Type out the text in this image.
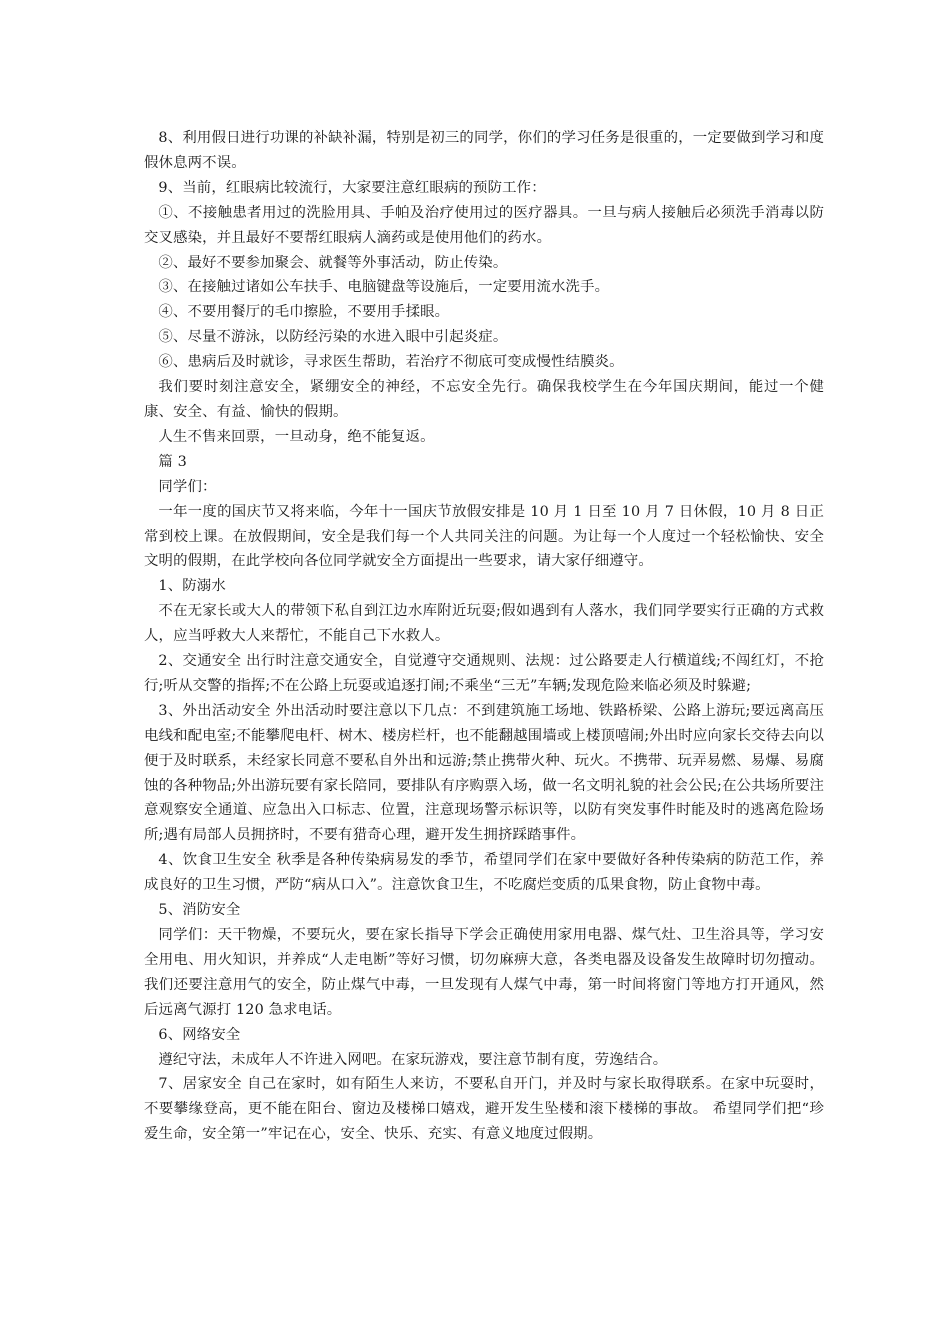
8、利用假日进行功课的补缺补漏，特别是初三的同学，你们的学习任务是很重的，一定要做到学习和度假休息两不误。

9、当前，红眼病比较流行，大家要注意红眼病的预防工作：

①、不接触患者用过的洗脸用具、手帕及治疗使用过的医疗器具。一旦与病人接触后必须洗手消毒以防交叉感染，并且最好不要帮红眼病人滴药或是使用他们的药水。

②、最好不要参加聚会、就餐等外事活动，防止传染。

③、在接触过诸如公车扶手、电脑键盘等设施后，一定要用流水洗手。

④、不要用餐厅的毛巾擦脸，不要用手揉眼。

⑤、尽量不游泳，以防经污染的水进入眼中引起炎症。

⑥、患病后及时就诊，寻求医生帮助，若治疗不彻底可变成慢性结膜炎。

我们要时刻注意安全，紧绷安全的神经，不忘安全先行。确保我校学生在今年国庆期间，能过一个健康、安全、有益、愉快的假期。

人生不售来回票，一旦动身，绝不能复返。

篇 3

同学们：

一年一度的国庆节又将来临，今年十一国庆节放假安排是 10 月 1 日至 10 月 7 日休假，10 月 8 日正常到校上课。在放假期间，安全是我们每一个人共同关注的问题。为让每一个人度过一个轻松愉快、安全文明的假期，在此学校向各位同学就安全方面提出一些要求，请大家仔细遵守。

1、防溺水

不在无家长或大人的带领下私自到江边水库附近玩耍;假如遇到有人落水，我们同学要实行正确的方式救人，应当呼救大人来帮忙，不能自己下水救人。

2、交通安全 出行时注意交通安全，自觉遵守交通规则、法规：过公路要走人行横道线;不闯红灯，不抢行;听从交警的指挥;不在公路上玩耍或追逐打闹;不乘坐“三无”车辆;发现危险来临必须及时躲避;

3、外出活动安全 外出活动时要注意以下几点：不到建筑施工场地、铁路桥梁、公路上游玩;要远离高压电线和配电室;不能攀爬电杆、树木、楼房栏杆，也不能翻越围墙或上楼顶嘻闹;外出时应向家长交待去向以便于及时联系，未经家长同意不要私自外出和远游;禁止携带火种、玩火。不携带、玩弄易燃、易爆、易腐蚀的各种物品;外出游玩要有家长陪同，要排队有序购票入场，做一名文明礼貌的社会公民;在公共场所要注意观察安全通道、应急出入口标志、位置，注意现场警示标识等，以防有突发事件时能及时的逃离危险场所;遇有局部人员拥挤时，不要有猎奇心理，避开发生拥挤踩踏事件。

4、饮食卫生安全 秋季是各种传染病易发的季节，希望同学们在家中要做好各种传染病的防范工作，养成良好的卫生习惯，严防“病从口入”。注意饮食卫生，不吃腐烂变质的瓜果食物，防止食物中毒。

5、消防安全

同学们：天干物燥，不要玩火，要在家长指导下学会正确使用家用电器、煤气灶、卫生浴具等，学习安全用电、用火知识，并养成“人走电断”等好习惯，切勿麻痹大意，各类电器及设备发生故障时切勿擅动。我们还要注意用气的安全，防止煤气中毒，一旦发现有人煤气中毒，第一时间将窗门等地方打开通风，然后远离气源打 120 急求电话。

6、网络安全

遵纪守法，未成年人不许进入网吧。在家玩游戏，要注意节制有度，劳逸结合。

7、居家安全 自己在家时，如有陌生人来访，不要私自开门，并及时与家长取得联系。在家中玩耍时，不要攀缘登高，更不能在阳台、窗边及楼梯口嬉戏，避开发生坠楼和滚下楼梯的事故。 希望同学们把“珍爱生命，安全第一”牢记在心，安全、快乐、充实、有意义地度过假期。
